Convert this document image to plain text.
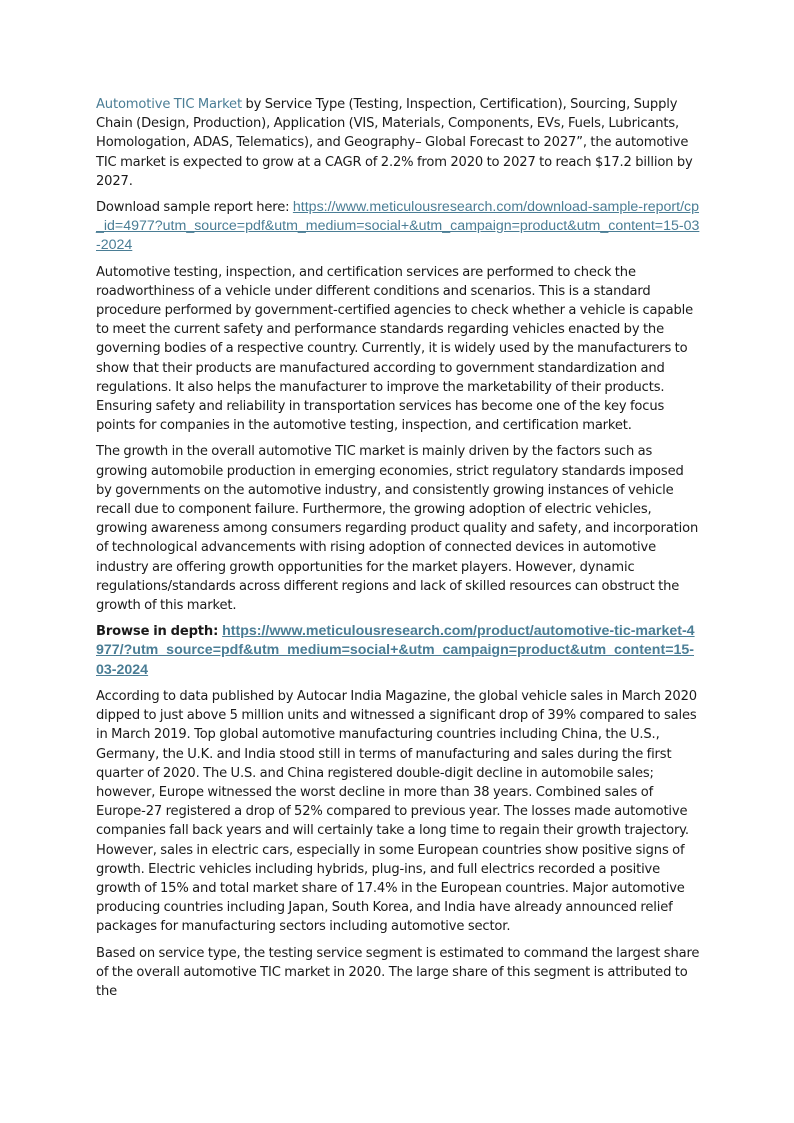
Automotive TIC Market by Service Type (Testing, Inspection, Certification), Sourcing, Supply Chain (Design, Production), Application (VIS, Materials, Components, EVs, Fuels, Lubricants, Homologation, ADAS, Telematics), and Geography– Global Forecast to 2027”, the automotive TIC market is expected to grow at a CAGR of 2.2% from 2020 to 2027 to reach $17.2 billion by 2027.

Download sample report here: https://www.meticulousresearch.com/download-sample-report/cp_id=4977?utm_source=pdf&utm_medium=social+&utm_campaign=product&utm_content=15-03-2024

Automotive testing, inspection, and certification services are performed to check the roadworthiness of a vehicle under different conditions and scenarios. This is a standard procedure performed by government-certified agencies to check whether a vehicle is capable to meet the current safety and performance standards regarding vehicles enacted by the governing bodies of a respective country. Currently, it is widely used by the manufacturers to show that their products are manufactured according to government standardization and regulations. It also helps the manufacturer to improve the marketability of their products. Ensuring safety and reliability in transportation services has become one of the key focus points for companies in the automotive testing, inspection, and certification market.

The growth in the overall automotive TIC market is mainly driven by the factors such as growing automobile production in emerging economies, strict regulatory standards imposed by governments on the automotive industry, and consistently growing instances of vehicle recall due to component failure. Furthermore, the growing adoption of electric vehicles, growing awareness among consumers regarding product quality and safety, and incorporation of technological advancements with rising adoption of connected devices in automotive industry are offering growth opportunities for the market players. However, dynamic regulations/standards across different regions and lack of skilled resources can obstruct the growth of this market.

Browse in depth: https://www.meticulousresearch.com/product/automotive-tic-market-4977/?utm_source=pdf&utm_medium=social+&utm_campaign=product&utm_content=15-03-2024

According to data published by Autocar India Magazine, the global vehicle sales in March 2020 dipped to just above 5 million units and witnessed a significant drop of 39% compared to sales in March 2019. Top global automotive manufacturing countries including China, the U.S., Germany, the U.K. and India stood still in terms of manufacturing and sales during the first quarter of 2020. The U.S. and China registered double-digit decline in automobile sales; however, Europe witnessed the worst decline in more than 38 years. Combined sales of Europe-27 registered a drop of 52% compared to previous year. The losses made automotive companies fall back years and will certainly take a long time to regain their growth trajectory. However, sales in electric cars, especially in some European countries show positive signs of growth. Electric vehicles including hybrids, plug-ins, and full electrics recorded a positive growth of 15% and total market share of 17.4% in the European countries. Major automotive producing countries including Japan, South Korea, and India have already announced relief packages for manufacturing sectors including automotive sector.

Based on service type, the testing service segment is estimated to command the largest share of the overall automotive TIC market in 2020. The large share of this segment is attributed to the
